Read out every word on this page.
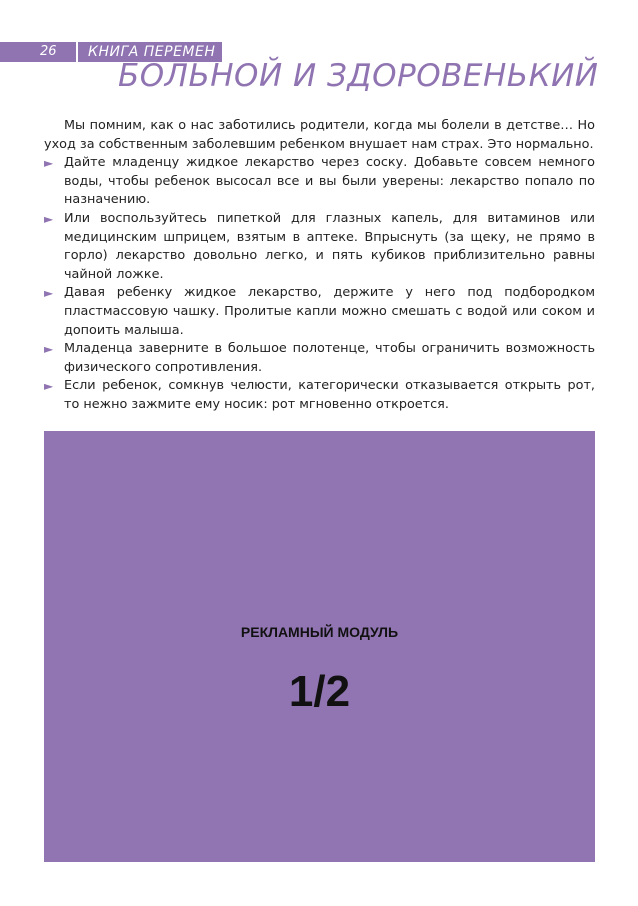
26 КНИГА ПЕРЕМЕН
БОЛЬНОЙ И ЗДОРОВЕНЬКИЙ

Мы помним, как о нас заботились родители, когда мы болели в детстве… Но уход за собственным заболевшим ребенком внушает нам страх. Это нормально.

► Дайте младенцу жидкое лекарство через соску. Добавьте совсем немного воды, чтобы ребенок высосал все и вы были уверены: лекарство попало по назначению.

► Или воспользуйтесь пипеткой для глазных капель, для витаминов или медицинским шприцем, взятым в аптеке. Впрыснуть (за щеку, не прямо в горло) лекарство довольно легко, и пять кубиков приблизительно равны чайной ложке.

► Давая ребенку жидкое лекарство, держите у него под подбородком пластмассовую чашку. Пролитые капли можно смешать с водой или соком и допоить малыша.

► Младенца заверните в большое полотенце, чтобы ограничить возможность физического сопротивления.

► Если ребенок, сомкнув челюсти, категорически отказывается открыть рот, то нежно зажмите ему носик: рот мгновенно откроется.

РЕКЛАМНЫЙ МОДУЛЬ
1/2
